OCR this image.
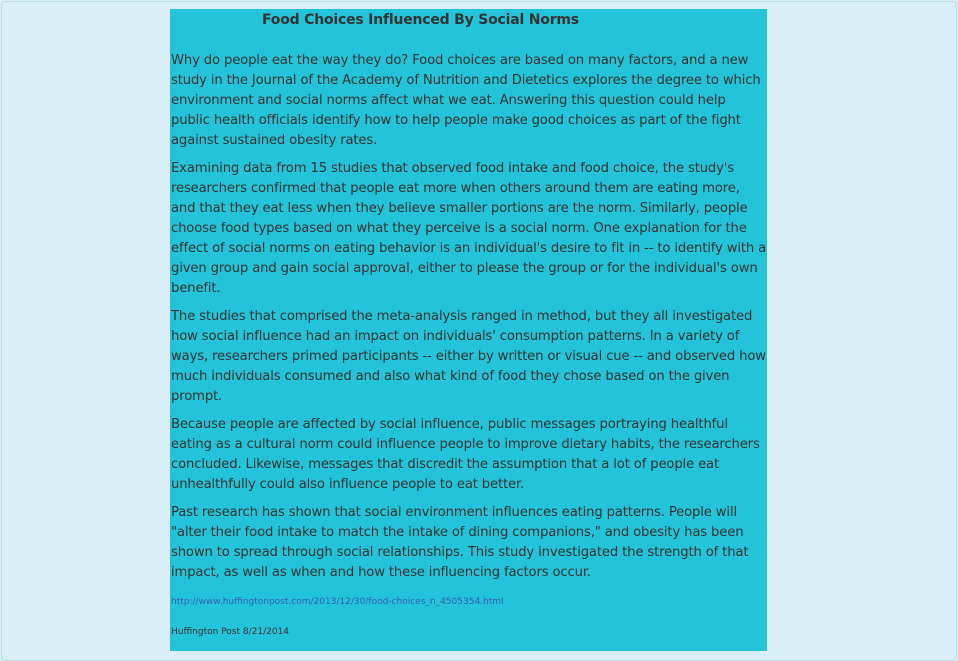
Food Choices Influenced By Social Norms

Why do people eat the way they do? Food choices are based on many factors, and a new study in the Journal of the Academy of Nutrition and Dietetics explores the degree to which environment and social norms affect what we eat. Answering this question could help public health officials identify how to help people make good choices as part of the fight against sustained obesity rates.

Examining data from 15 studies that observed food intake and food choice, the study's researchers confirmed that people eat more when others around them are eating more, and that they eat less when they believe smaller portions are the norm. Similarly, people choose food types based on what they perceive is a social norm. One explanation for the effect of social norms on eating behavior is an individual's desire to fit in -- to identify with a given group and gain social approval, either to please the group or for the individual's own benefit.

The studies that comprised the meta-analysis ranged in method, but they all investigated how social influence had an impact on individuals' consumption patterns. In a variety of ways, researchers primed participants -- either by written or visual cue -- and observed how much individuals consumed and also what kind of food they chose based on the given prompt.

Because people are affected by social influence, public messages portraying healthful eating as a cultural norm could influence people to improve dietary habits, the researchers concluded. Likewise, messages that discredit the assumption that a lot of people eat unhealthfully could also influence people to eat better.

Past research has shown that social environment influences eating patterns. People will "alter their food intake to match the intake of dining companions," and obesity has been shown to spread through social relationships. This study investigated the strength of that impact, as well as when and how these influencing factors occur.

http://www.huffingtonpost.com/2013/12/30/food-choices_n_4505354.html
Huffington Post 8/21/2014
